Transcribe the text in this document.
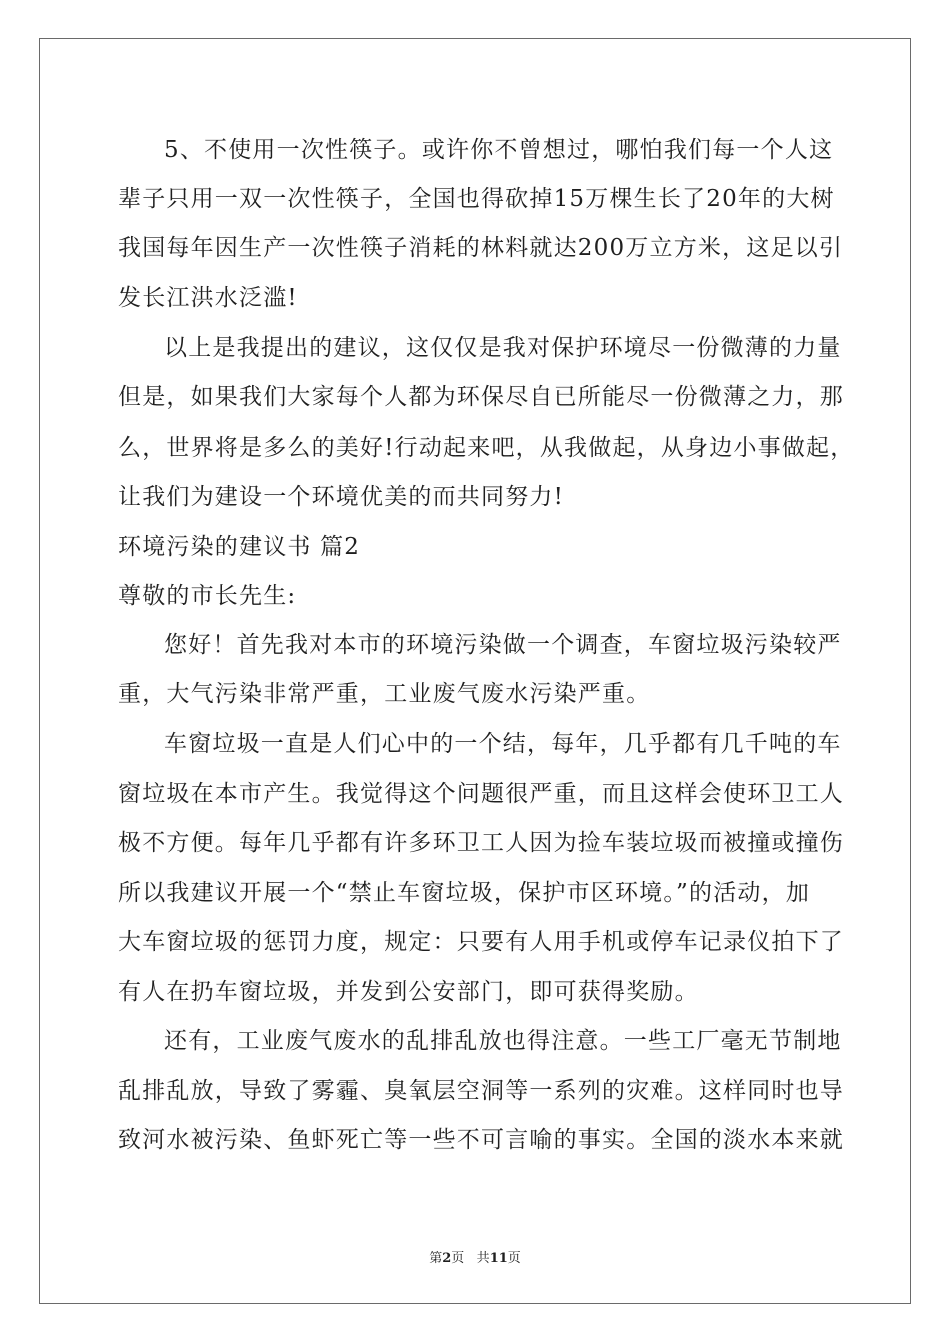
5、不使用一次性筷子。或许你不曾想过，哪怕我们每一个人这
辈子只用一双一次性筷子，全国也得砍掉15万棵生长了20年的大树
我国每年因生产一次性筷子消耗的林料就达200万立方米，这足以引
发长江洪水泛滥!
以上是我提出的建议，这仅仅是我对保护环境尽一份微薄的力量
但是，如果我们大家每个人都为环保尽自已所能尽一份微薄之力，那
么，世界将是多么的美好!行动起来吧，从我做起，从身边小事做起，
让我们为建设一个环境优美的而共同努力!
环境污染的建议书 篇2
尊敬的市长先生:
您好！首先我对本市的环境污染做一个调查，车窗垃圾污染较严
重，大气污染非常严重，工业废气废水污染严重。
车窗垃圾一直是人们心中的一个结，每年，几乎都有几千吨的车
窗垃圾在本市产生。我觉得这个问题很严重，而且这样会使环卫工人
极不方便。每年几乎都有许多环卫工人因为捡车装垃圾而被撞或撞伤
所以我建议开展一个“禁止车窗垃圾，保护市区环境。”的活动，加
大车窗垃圾的惩罚力度，规定：只要有人用手机或停车记录仪拍下了
有人在扔车窗垃圾，并发到公安部门，即可获得奖励。
还有，工业废气废水的乱排乱放也得注意。一些工厂毫无节制地
乱排乱放，导致了雾霾、臭氧层空洞等一系列的灾难。这样同时也导
致河水被污染、鱼虾死亡等一些不可言喻的事实。全国的淡水本来就
第2页 共11页
